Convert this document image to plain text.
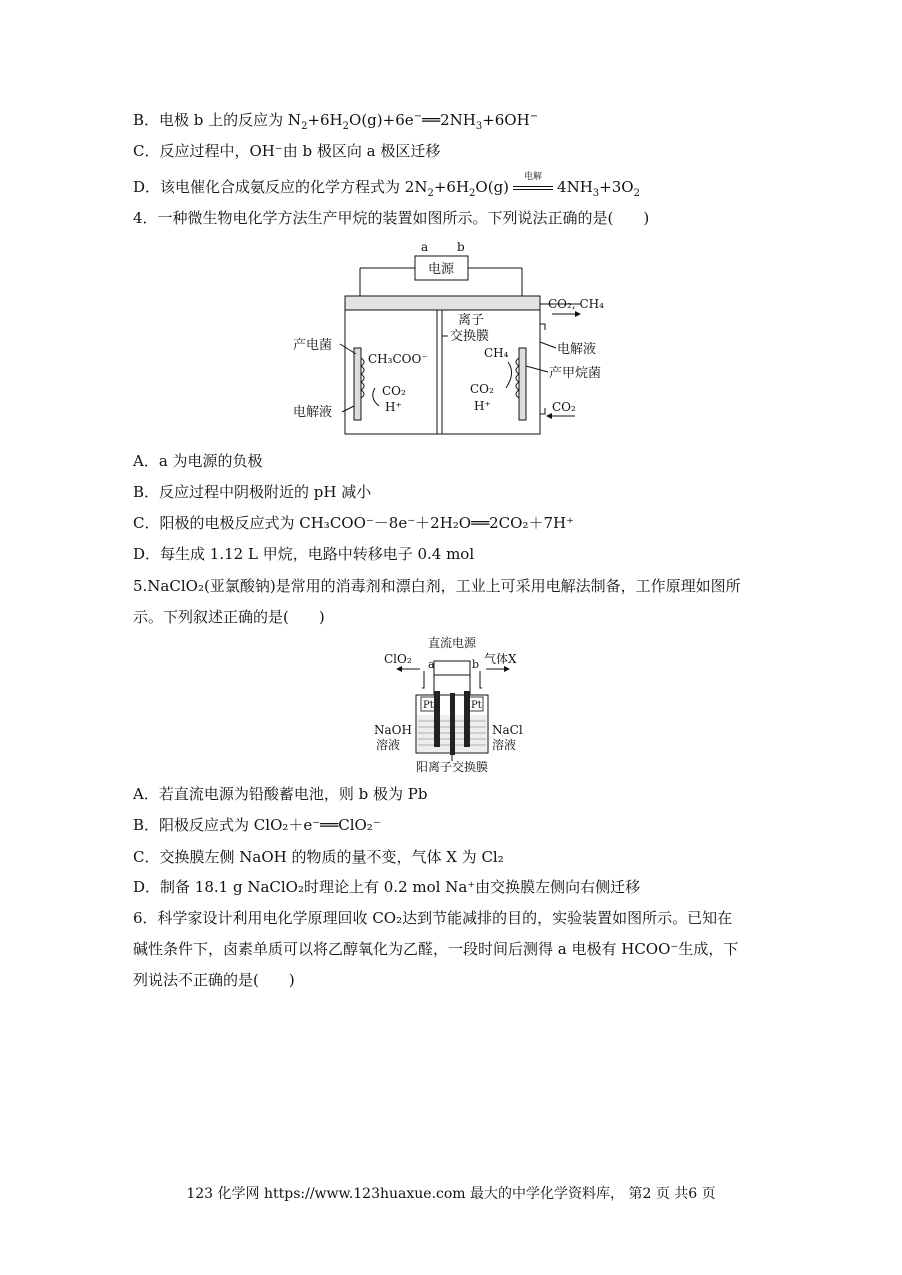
B．电极 b 上的反应为 $N_2+6H_2O(g)+6e^-══2NH_3+6OH^-$
C．反应过程中，OH⁻由 b 极区向 a 极区迁移
D．该电催化合成氨反应的化学方程式为 $2N_2+6H_2O(g)$
电解
$4NH_3+3O_2$
4．一种微生物电化学方法生产甲烷的装置如图所示。下列说法正确的是(　　)
电源
a b
CO₂, CH₄
CO₂
产电菌
CH₃COO⁻
CO₂
H⁺
电解液
离子
交换膜
CH₄
CO₂
H⁺
电解液
产甲烷菌
A．a 为电源的负极
B．反应过程中阴极附近的 pH 减小
C．阳极的电极反应式为 CH₃COO⁻－8e⁻＋2H₂O══2CO₂＋7H⁺
D．每生成 1.12 L 甲烷，电路中转移电子 0.4 mol
5.NaClO₂(亚氯酸钠)是常用的消毒剂和漂白剂，工业上可采用电解法制备，工作原理如图所
示。下列叙述正确的是(　　)
直流电源
a	b
ClO₂	气体X
Pt	Pt
NaOH
溶液
NaCl
溶液
阳离子交换膜
A．若直流电源为铅酸蓄电池，则 b 极为 Pb
B．阳极反应式为 ClO₂＋e⁻══ClO₂⁻
C．交换膜左侧 NaOH 的物质的量不变，气体 X 为 Cl₂
D．制备 18.1 g NaClO₂时理论上有 0.2 mol Na⁺由交换膜左侧向右侧迁移
6．科学家设计利用电化学原理回收 CO₂达到节能减排的目的，实验装置如图所示。已知在
碱性条件下，卤素单质可以将乙醇氧化为乙醛，一段时间后测得 a 电极有 HCOO⁻生成，下
列说法不正确的是(　　)
123 化学网 https://www.123huaxue.com 最大的中学化学资料库， 第2 页 共6 页
